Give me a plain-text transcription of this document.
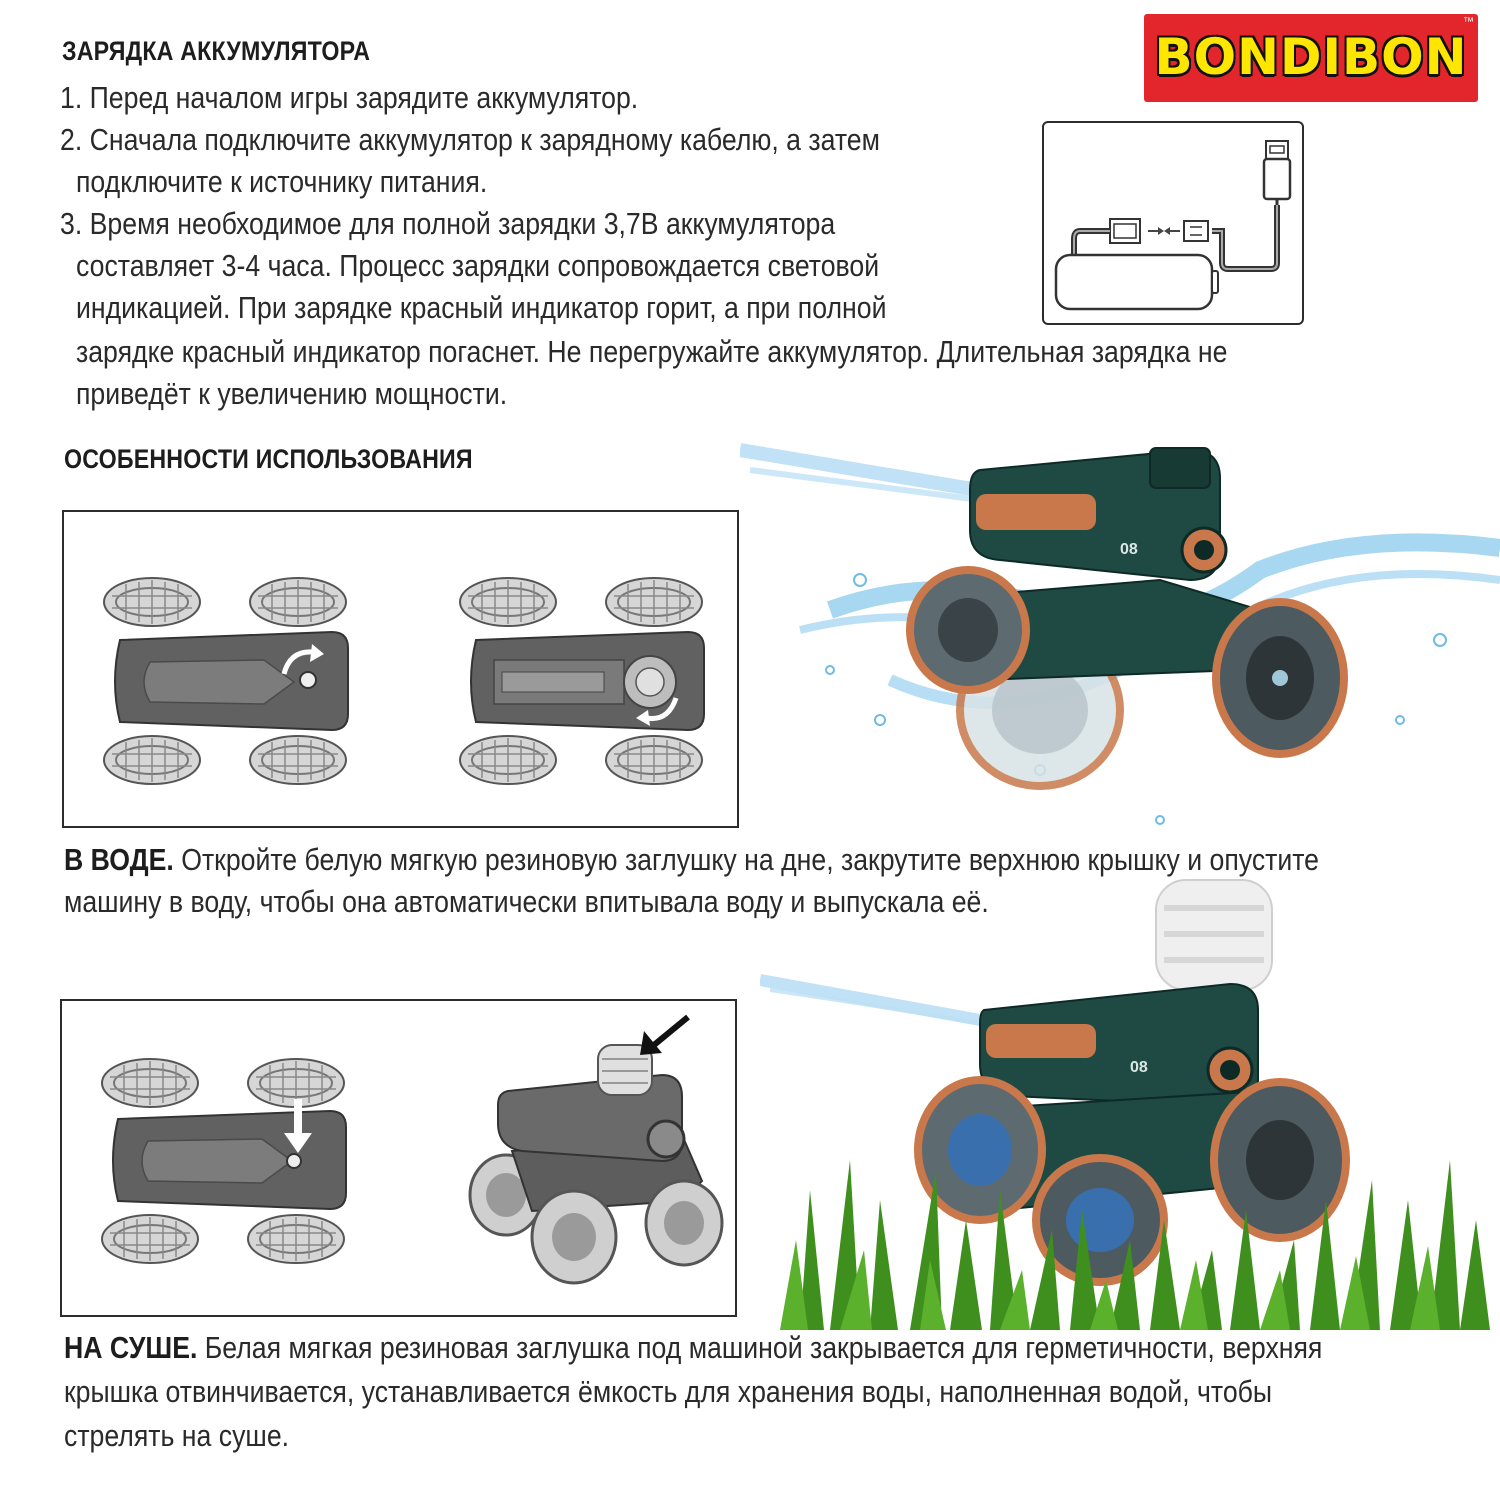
BONDIBON
™
ЗАРЯДКА АККУМУЛЯТОРА
1. Перед началом игры зарядите аккумулятор.
2. Сначала подключите аккумулятор к зарядному кабелю, а затем
подключите к источнику питания.
3. Время необходимое для полной зарядки 3,7В аккумулятора
составляет 3-4 часа. Процесс зарядки сопровождается световой
индикацией. При зарядке красный индикатор горит, а при полной
зарядке красный индикатор погаснет. Не перегружайте аккумулятор. Длительная зарядка не
приведёт к увеличению мощности.
ОСОБЕННОСТИ ИСПОЛЬЗОВАНИЯ
08
В ВОДЕ. Откройте белую мягкую резиновую заглушку на дне, закрутите верхнюю крышку и опустите
машину в воду, чтобы она автоматически впитывала воду и выпускала её.
08
НА СУШЕ. Белая мягкая резиновая заглушка под машиной закрывается для герметичности, верхняя
крышка отвинчивается, устанавливается ёмкость для хранения воды, наполненная водой, чтобы
стрелять на суше.
